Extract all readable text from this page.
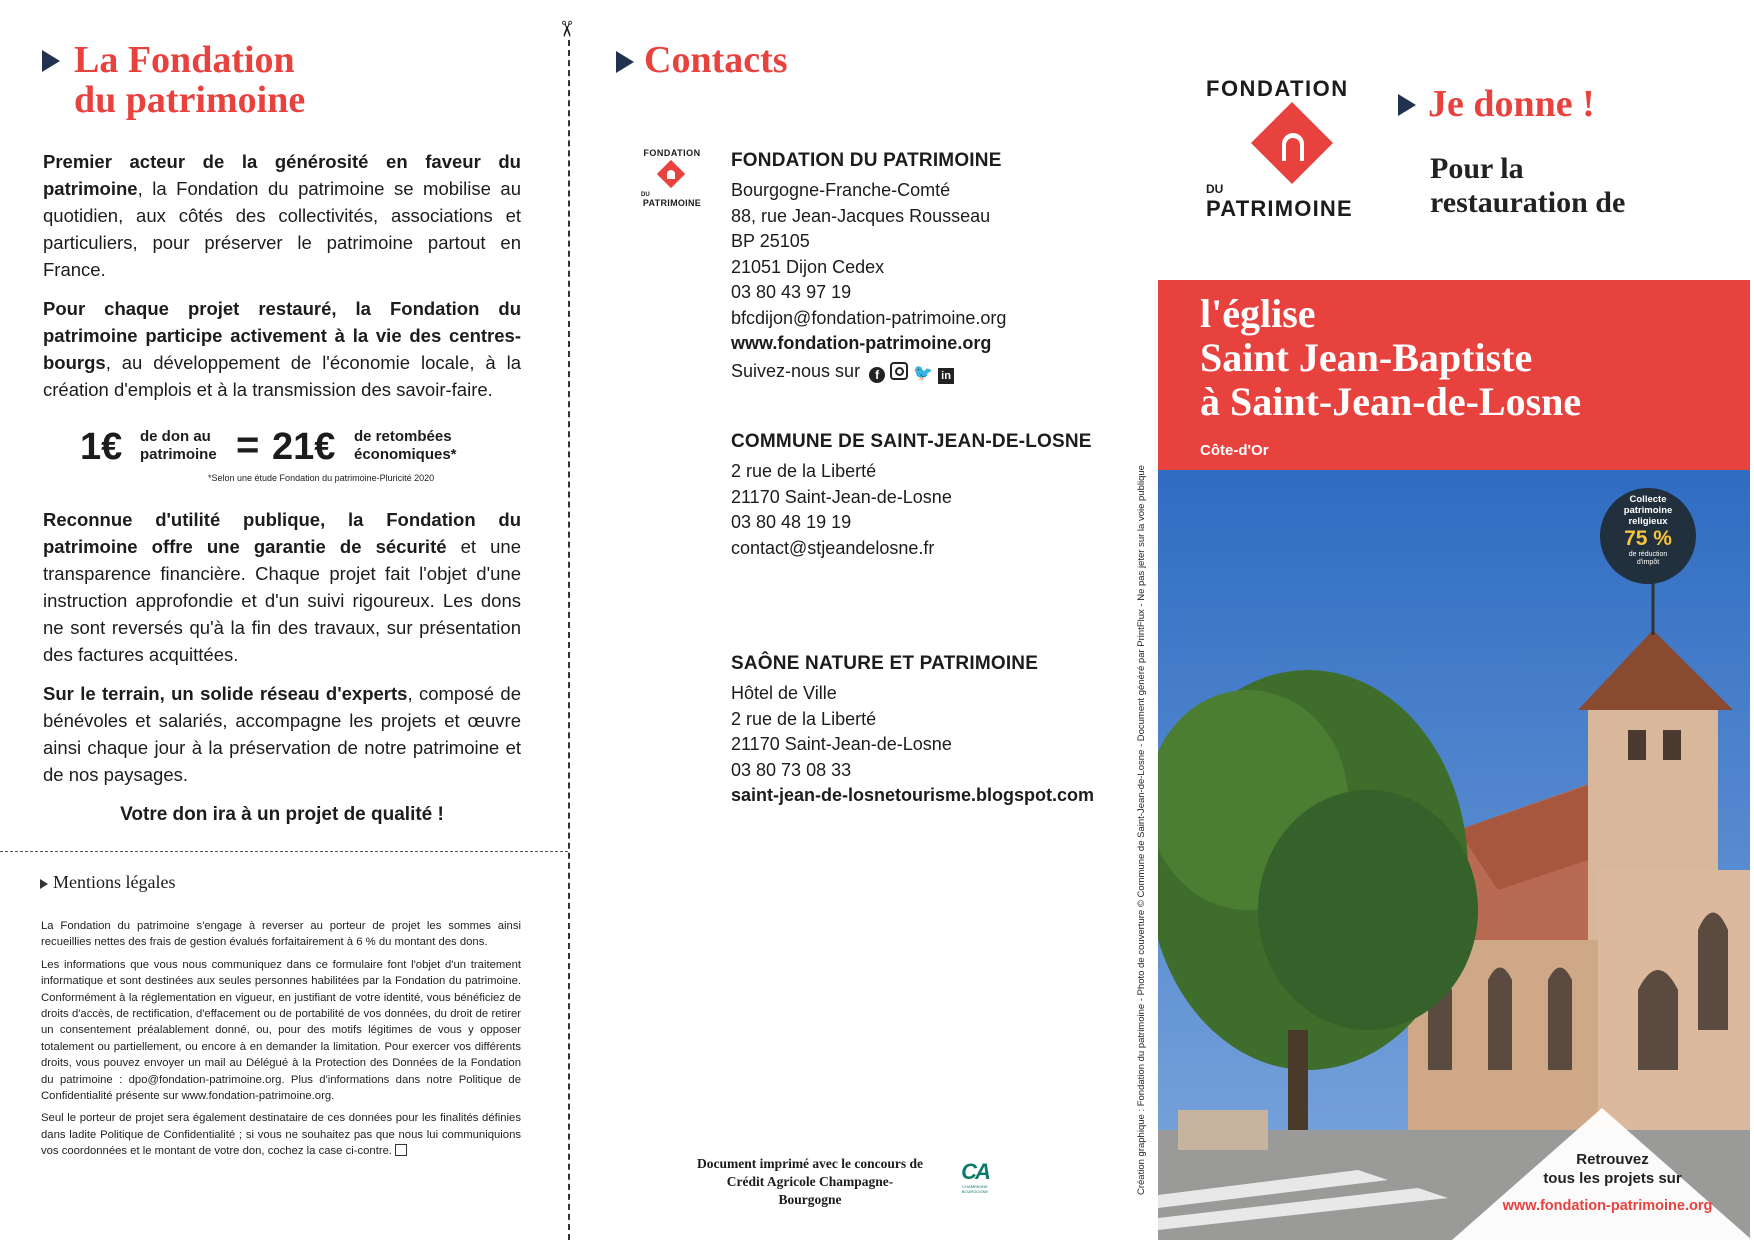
La Fondation
du patrimoine

Premier acteur de la générosité en faveur du patrimoine, la Fondation du patrimoine se mobilise au quotidien, aux côtés des collectivités, associations et particuliers, pour préserver le patrimoine partout en France.

Pour chaque projet restauré, la Fondation du patrimoine participe activement à la vie des centres-bourgs, au développement de l'économie locale, à la création d'emplois et à la transmission des savoir-faire.

1€ de don au
patrimoine = 21€ de retombées
économiques*
*Selon une étude Fondation du patrimoine-Pluricité 2020

Reconnue d'utilité publique, la Fondation du patrimoine offre une garantie de sécurité et une transparence financière. Chaque projet fait l'objet d'une instruction approfondie et d'un suivi rigoureux. Les dons ne sont reversés qu'à la fin des travaux, sur présentation des factures acquittées.

Sur le terrain, un solide réseau d'experts, composé de bénévoles et salariés, accompagne les projets et œuvre ainsi chaque jour à la préservation de notre patrimoine et de nos paysages.

Votre don ira à un projet de qualité !
Mentions légales

La Fondation du patrimoine s'engage à reverser au porteur de projet les sommes ainsi recueillies nettes des frais de gestion évalués forfaitairement à 6 % du montant des dons.

Les informations que vous nous communiquez dans ce formulaire font l'objet d'un traitement informatique et sont destinées aux seules personnes habilitées par la Fondation du patrimoine. Conformément à la réglementation en vigueur, en justifiant de votre identité, vous bénéficiez de droits d'accès, de rectification, d'effacement ou de portabilité de vos données, du droit de retirer un consentement préalablement donné, ou, pour des motifs légitimes de vous y opposer totalement ou partiellement, ou encore à en demander la limitation. Pour exercer vos différents droits, vous pouvez envoyer un mail au Délégué à la Protection des Données de la Fondation du patrimoine : dpo@fondation-patrimoine.org. Plus d'informations dans notre Politique de Confidentialité présente sur www.fondation-patrimoine.org.

Seul le porteur de projet sera également destinataire de ces données pour les finalités définies dans ladite Politique de Confidentialité ; si vous ne souhaitez pas que nous lui communiquions vos coordonnées et le montant de votre don, cochez la case ci-contre.

✂
Contacts
FONDATION
DU
PATRIMOINE
FONDATION DU PATRIMOINE
Bourgogne-Franche-Comté
88, rue Jean-Jacques Rousseau
BP 25105
21051 Dijon Cedex
03 80 43 97 19
bfcdijon@fondation-patrimoine.org
www.fondation-patrimoine.org
Suivez-nous sur f 🐦 in
COMMUNE DE SAINT-JEAN-DE-LOSNE
2 rue de la Liberté
21170 Saint-Jean-de-Losne
03 80 48 19 19
contact@stjeandelosne.fr
SAÔNE NATURE ET PATRIMOINE
Hôtel de Ville
2 rue de la Liberté
21170 Saint-Jean-de-Losne
03 80 73 08 33
saint-jean-de-losnetourisme.blogspot.com
Document imprimé avec le concours de
Crédit Agricole Champagne-
Bourgogne
CA
CHAMPAGNE BOURGOGNE	Création graphique : Fondation du patrimoine - Photo de couverture © Commune de Saint-Jean-de-Losne - Document généré par PrintFlux - Ne pas jeter sur la voie publique
FONDATION
DU
PATRIMOINE
Je donne !
Pour la
restauration de
l'église
Saint Jean-Baptiste
à Saint-Jean-de-Losne
Côte-d'Or
Collecte
patrimoine
religieux
75 %
de réduction
d'impôt
Retrouvez
tous les projets sur
www.fondation-patrimoine.org
